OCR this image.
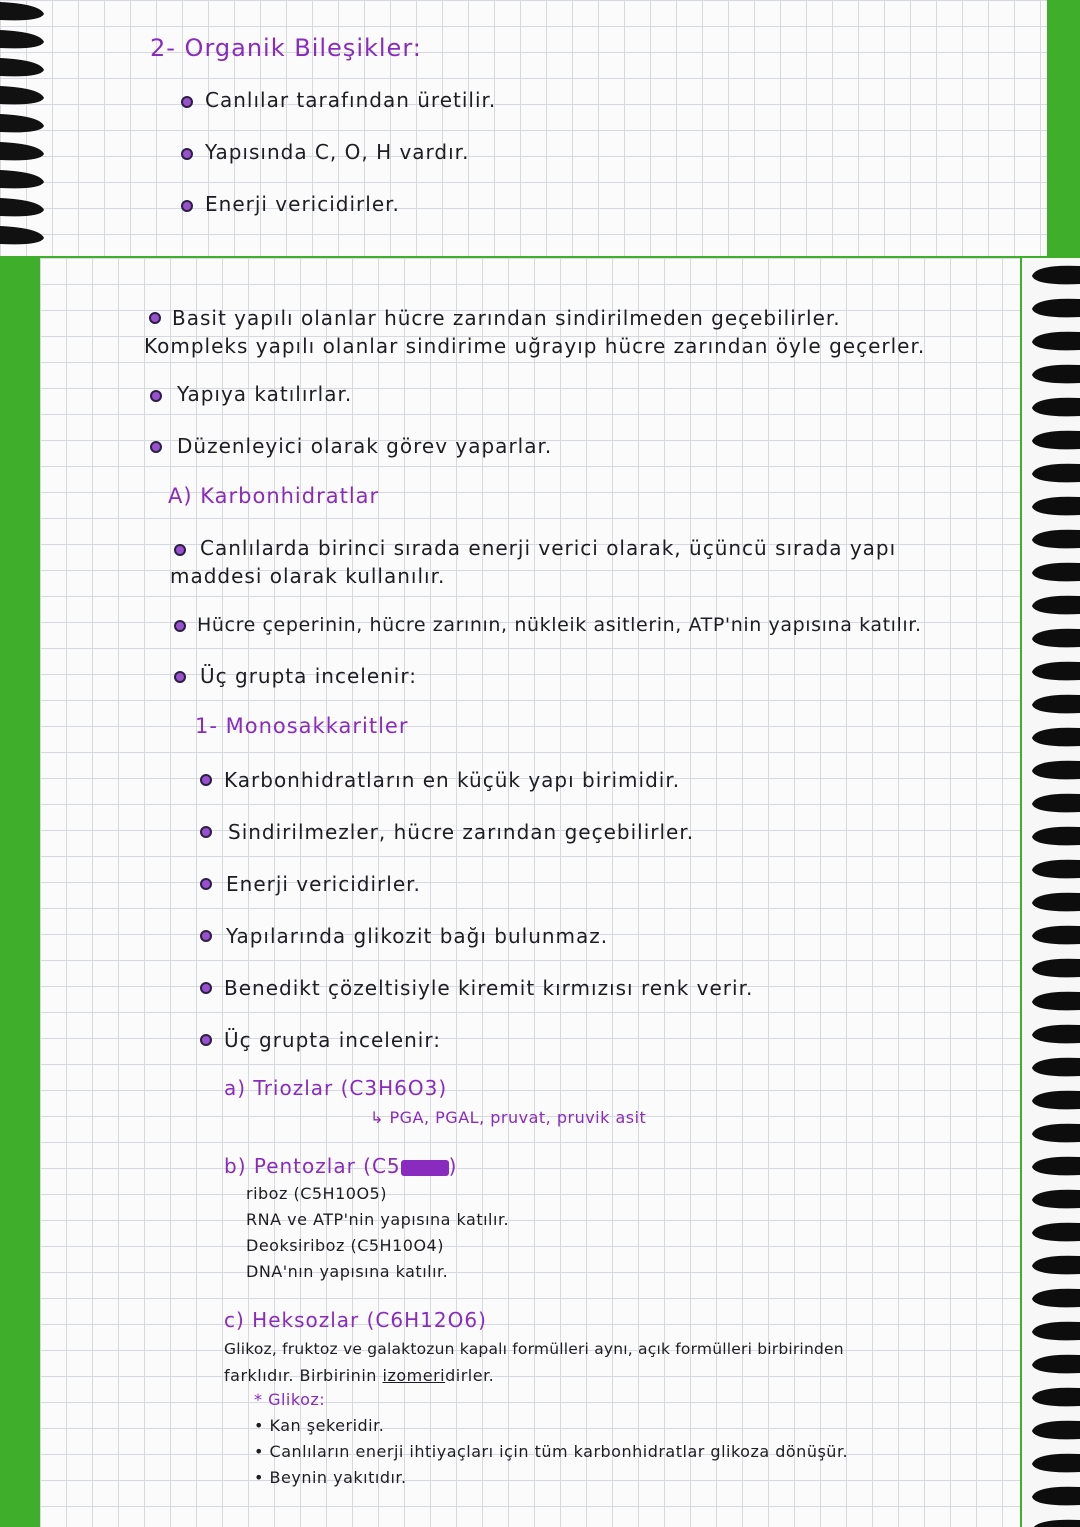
2- Organik Bileşikler:
Canlılar tarafından üretilir.
Yapısında C, O, H vardır.
Enerji vericidirler.
Basit yapılı olanlar hücre zarından sindirilmeden geçebilirler.
Kompleks yapılı olanlar sindirime uğrayıp hücre zarından öyle geçerler.
Yapıya katılırlar.
Düzenleyici olarak görev yaparlar.
A) Karbonhidratlar
Canlılarda birinci sırada enerji verici olarak, üçüncü sırada yapı
maddesi olarak kullanılır.
Hücre çeperinin, hücre zarının, nükleik asitlerin, ATP'nin yapısına katılır.
Üç grupta incelenir:
1- Monosakkaritler
Karbonhidratların en küçük yapı birimidir.
Sindirilmezler, hücre zarından geçebilirler.
Enerji vericidirler.
Yapılarında glikozit bağı bulunmaz.
Benedikt çözeltisiyle kiremit kırmızısı renk verir.
Üç grupta incelenir:
a) Triozlar (C3H6O3)
↳ PGA, PGAL, pruvat, pruvik asit
b) Pentozlar (C5 )
riboz (C5H10O5)
RNA ve ATP'nin yapısına katılır.
Deoksiriboz (C5H10O4)
DNA'nın yapısına katılır.
c) Heksozlar (C6H12O6)
Glikoz, fruktoz ve galaktozun kapalı formülleri aynı, açık formülleri birbirinden
farklıdır. Birbirinin izomeridirler.
* Glikoz:
• Kan şekeridir.
• Canlıların enerji ihtiyaçları için tüm karbonhidratlar glikoza dönüşür.
• Beynin yakıtıdır.
